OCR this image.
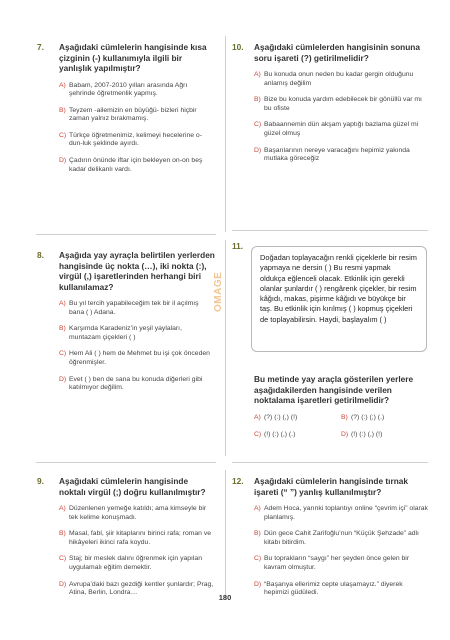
7.	Aşağıdaki cümlelerin hangisinde kısa çizginin (-) kullanımıyla ilgili bir yanlışlık yapılmıştır?
A) Babam, 2007-2010 yılları arasında Ağrı şehrinde öğretmenlik yapmış.
B) Teyzem -ailemizin en büyüğü- bizleri hiçbir zaman yalnız bırakmamış.
C) Türkçe öğretmenimiz, kelimeyi hecelerine o-dun-luk şeklinde ayırdı.
D) Çadırın önünde iftar için bekleyen on-on beş kadar delikanlı vardı.
8.	Aşağıda yay ayraçla belirtilen yerlerden hangisinde üç nokta (…), iki nokta (:), virgül (,) işaretlerinden herhangi biri kullanılamaz?
A) Bu yıl tercih yapabileceğim tek bir il açılmış bana ( ) Adana.
B) Karşımda Karadeniz’in yeşil yaylaları, muntazam çiçekleri ( )
C) Hem Ali ( ) hem de Mehmet bu işi çok önceden öğrenmişler.
D) Evet ( ) ben de sana bu konuda diğerleri gibi katılmıyor değilim.
9.	Aşağıdaki cümlelerin hangisinde noktalı virgül (;) doğru kullanılmıştır?
A) Düzenlenen yemeğe katıldı; ama kimseyle bir tek kelime konuşmadı.
B) Masal, fabl, şiir kitaplarını birinci rafa; roman ve hikâyeleri ikinci rafa koydu.
C) Staj; bir meslek dalını öğrenmek için yapılan uygulamalı eğitim demektir.
D) Avrupa’daki bazı gezdiği kentler şunlardır; Prag, Atina, Berlin, Londra…
10.	Aşağıdaki cümlelerden hangisinin sonuna soru işareti (?) getirilmelidir?
A) Bu konuda onun neden bu kadar gergin olduğunu anlamış değilim
B) Bize bu konuda yardım edebilecek bir gönüllü var mı bu ofiste
C) Babaannemin dün akşam yaptığı bazlama güzel mi güzel olmuş
D) Başarılarının nereye varacağını hepimiz yakında mutlaka göreceğiz
11.
Doğadan toplayacağın renkli çiçeklerle bir resim yapmaya ne dersin ( ) Bu resmi yapmak oldukça eğlenceli olacak. Etkinlik için gerekli olanlar şunlardır ( ) rengârenk çiçekler, bir resim kâğıdı, makas, pişirme kâğıdı ve büyükçe bir taş. Bu etkinlik için kırılmış ( ) kopmuş çiçekleri de toplayabilirsin. Haydi, başlayalım ( )
Bu metinde yay araçla gösterilen yerlere aşağıdakilerden hangisinde verilen noktalama işaretleri getirilmelidir?
A) (?) (:) (,) (!)	B) (?) (:) (;) (.)
C) (!) (:) (,) (.)	D) (!) (:) (,) (!)
12.	Aşağıdaki cümlelerin hangisinde tırnak işareti (“ ”) yanlış kullanılmıştır?
A) Adem Hoca, yarınki toplantıyı online “çevrim içi” olarak planlamış.
B) Dün gece Cahit Zarifoğlu’nun “Küçük Şehzade” adlı kitabı bitirdim.
C) Bu toprakların “saygı” her şeyden önce gelen bir kavram olmuştur.
D) “Başarıya ellerimiz cepte ulaşamayız.” diyerek hepimizi güdüledi.
OMAGE
180
